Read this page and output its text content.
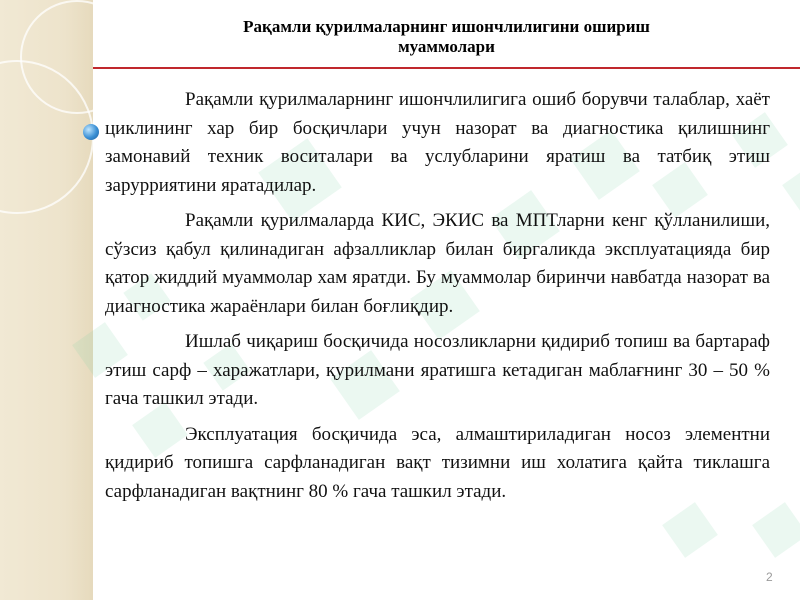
Рақамли қурилмаларнинг ишончлилигини ошириш
муаммолари

Рақамли қурилмаларнинг ишончлилигига ошиб борувчи талаблар, хаёт циклининг хар бир босқичлари учун назорат ва диагностика қилишнинг замонавий техник воситалари ва услубларини яратиш ва татбиқ этиш зарурриятини яратадилар.

Рақамли қурилмаларда КИС, ЭКИС ва МПТларни кенг қўлланилиши, сўзсиз қабул қилинадиган афзалликлар билан биргаликда эксплуатацияда бир қатор жиддий муаммолар хам яратди. Бу муаммолар биринчи навбатда назорат ва диагностика жараёнлари билан боғлиқдир.

Ишлаб чиқариш босқичида носозликларни қидириб топиш ва бартараф этиш сарф – харажатлари, қурилмани яратишга кетадиган маблағнинг 30 – 50 % гача ташкил этади.

Эксплуатация босқичида эса, алмаштириладиган носоз элементни қидириб топишга сарфланадиган вақт тизимни иш холатига қайта тиклашга сарфланадиган вақтнинг 80 % гача ташкил этади.

2
